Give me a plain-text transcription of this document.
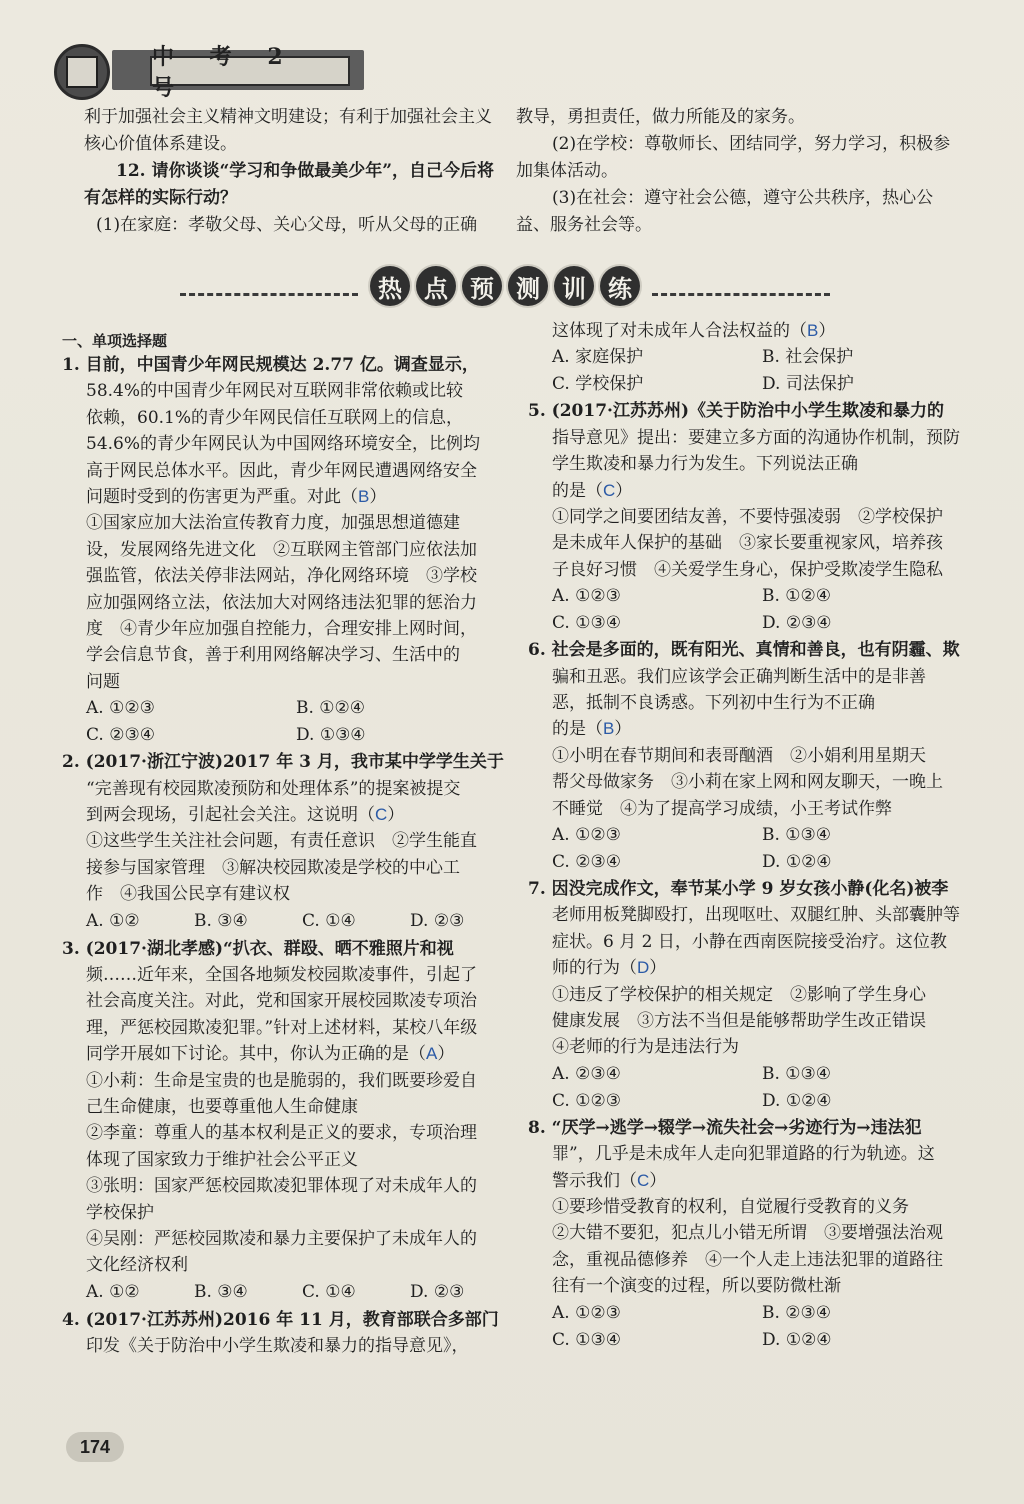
中 考 2 号
利于加强社会主义精神文明建设；有利于加强社会主义
核心价值体系建设。
12. 请你谈谈“学习和争做最美少年”，自己今后将
有怎样的实际行动？
(1)在家庭：孝敬父母、关心父母，听从父母的正确
教导，勇担责任，做力所能及的家务。
(2)在学校：尊敬师长、团结同学，努力学习，积极参
加集体活动。
(3)在社会：遵守社会公德，遵守公共秩序，热心公
益、服务社会等。
热 点 预 测 训 练
一、单项选择题
1. 目前，中国青少年网民规模达 2.77 亿。调查显示，
58.4%的中国青少年网民对互联网非常依赖或比较
依赖，60.1%的青少年网民信任互联网上的信息，
54.6%的青少年网民认为中国网络环境安全，比例均
高于网民总体水平。因此，青少年网民遭遇网络安全
问题时受到的伤害更为严重。对此（B）
①国家应加大法治宣传教育力度，加强思想道德建
设，发展网络先进文化　②互联网主管部门应依法加
强监管，依法关停非法网站，净化网络环境　③学校
应加强网络立法，依法加大对网络违法犯罪的惩治力
度　④青少年应加强自控能力，合理安排上网时间，
学会信息节食，善于利用网络解决学习、生活中的
问题
A. ①②③	B. ①②④
C. ②③④	D. ①③④
2. (2017·浙江宁波)2017 年 3 月，我市某中学学生关于
“完善现有校园欺凌预防和处理体系”的提案被提交
到两会现场，引起社会关注。这说明（C）
①这些学生关注社会问题，有责任意识　②学生能直
接参与国家管理　③解决校园欺凌是学校的中心工
作　④我国公民享有建议权
A. ①②	B. ③④	C. ①④	D. ②③
3. (2017·湖北孝感)“扒衣、群殴、晒不雅照片和视
频……近年来，全国各地频发校园欺凌事件，引起了
社会高度关注。对此，党和国家开展校园欺凌专项治
理，严惩校园欺凌犯罪。”针对上述材料，某校八年级
同学开展如下讨论。其中，你认为正确的是（A）
①小莉：生命是宝贵的也是脆弱的，我们既要珍爱自
己生命健康，也要尊重他人生命健康
②李童：尊重人的基本权利是正义的要求，专项治理
体现了国家致力于维护社会公平正义
③张明：国家严惩校园欺凌犯罪体现了对未成年人的
学校保护
④吴刚：严惩校园欺凌和暴力主要保护了未成年人的
文化经济权利
A. ①②	B. ③④	C. ①④	D. ②③
4. (2017·江苏苏州)2016 年 11 月，教育部联合多部门
印发《关于防治中小学生欺凌和暴力的指导意见》，
这体现了对未成年人合法权益的（B）
A. 家庭保护	B. 社会保护
C. 学校保护	D. 司法保护
5. (2017·江苏苏州)《关于防治中小学生欺凌和暴力的
指导意见》提出：要建立多方面的沟通协作机制，预防
学生欺凌和暴力行为发生。下列说法正确
的是（C）
①同学之间要团结友善，不要恃强凌弱　②学校保护
是未成年人保护的基础　③家长要重视家风，培养孩
子良好习惯　④关爱学生身心，保护受欺凌学生隐私
A. ①②③	B. ①②④
C. ①③④	D. ②③④
6. 社会是多面的，既有阳光、真情和善良，也有阴霾、欺
骗和丑恶。我们应该学会正确判断生活中的是非善
恶，抵制不良诱惑。下列初中生行为不正确
的是（B）
①小明在春节期间和表哥酗酒　②小娟利用星期天
帮父母做家务　③小莉在家上网和网友聊天，一晚上
不睡觉　④为了提高学习成绩，小王考试作弊
A. ①②③	B. ①③④
C. ②③④	D. ①②④
7. 因没完成作文，奉节某小学 9 岁女孩小静(化名)被李
老师用板凳脚殴打，出现呕吐、双腿红肿、头部囊肿等
症状。6 月 2 日，小静在西南医院接受治疗。这位教
师的行为（D）
①违反了学校保护的相关规定　②影响了学生身心
健康发展　③方法不当但是能够帮助学生改正错误
④老师的行为是违法行为
A. ②③④	B. ①③④
C. ①②③	D. ①②④
8. “厌学→逃学→辍学→流失社会→劣迹行为→违法犯
罪”，几乎是未成年人走向犯罪道路的行为轨迹。这
警示我们（C）
①要珍惜受教育的权利，自觉履行受教育的义务
②大错不要犯，犯点儿小错无所谓　③要增强法治观
念，重视品德修养　④一个人走上违法犯罪的道路往
往有一个演变的过程，所以要防微杜渐
A. ①②③	B. ②③④
C. ①③④	D. ①②④
174
